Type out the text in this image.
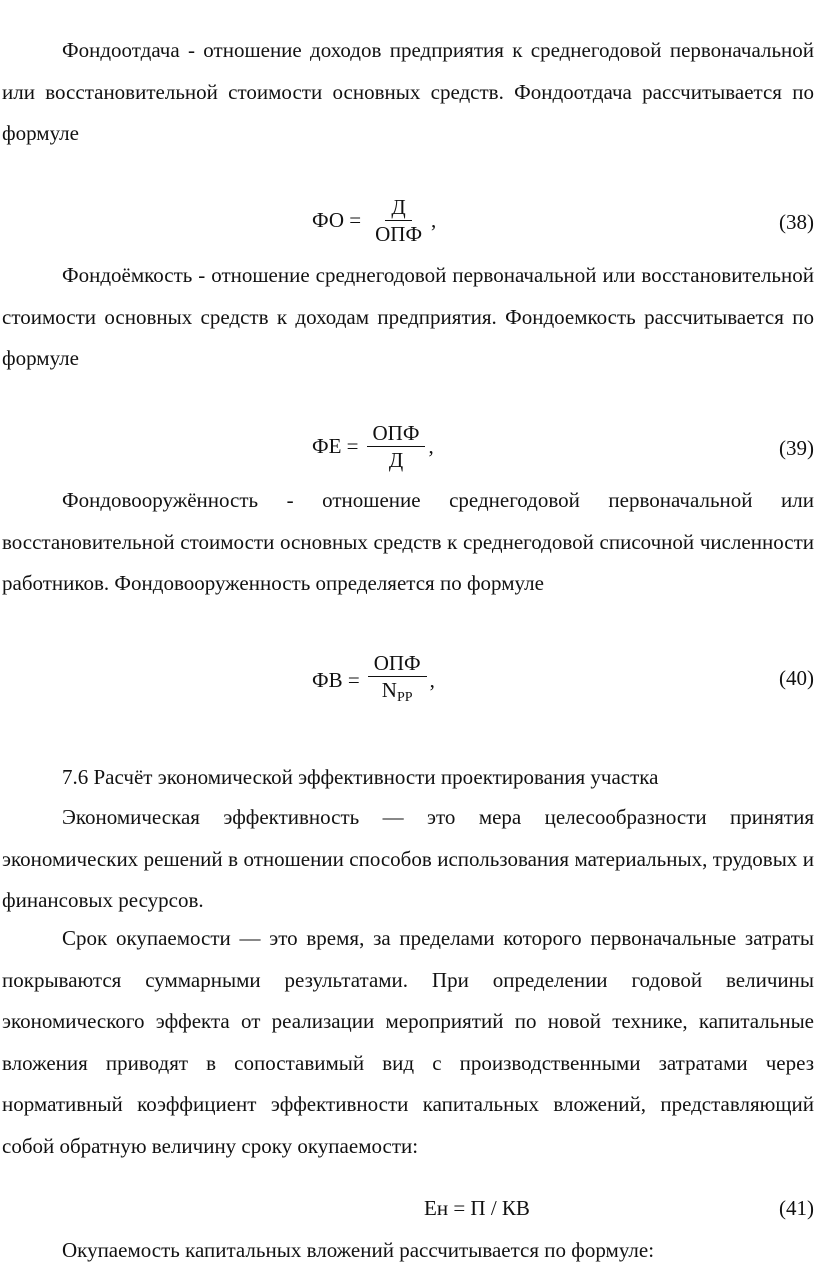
Фондоотдача - отношение доходов предприятия к среднегодовой первоначальной или восстановительной стоимости основных средств. Фондоотдача рассчитывается по формуле

ФО = $\frac{Д}{\text{ОПФ}}$ ,	(38)

Фондоёмкость - отношение среднегодовой первоначальной или восстановительной стоимости основных средств к доходам предприятия. Фондоемкость рассчитывается по формуле

ФЕ = $\frac{\text{ОПФ}}{Д}$ ,	(39)

Фондовооружённость - отношение среднегодовой первоначальной или восстановительной стоимости основных средств к среднегодовой списочной численности работников. Фондовооруженность определяется по формуле

ФВ = $\frac{\text{ОПФ}}{N_{PP}}$ ,	(40)
7.6 Расчёт экономической эффективности проектирования участка

Экономическая эффективность — это мера целесообразности принятия экономических решений в отношении способов использования материальных, трудовых и финансовых ресурсов.

Срок окупаемости — это время, за пределами которого первоначальные затраты покрываются суммарными результатами. При определении годовой величины экономического эффекта от реализации мероприятий по новой технике, капитальные вложения приводят в сопоставимый вид с производственными затратами через нормативный коэффициент эффективности капитальных вложений, представляющий собой обратную величину сроку окупаемости:

Ен = П / КВ	(41)

Окупаемость капитальных вложений рассчитывается по формуле:
